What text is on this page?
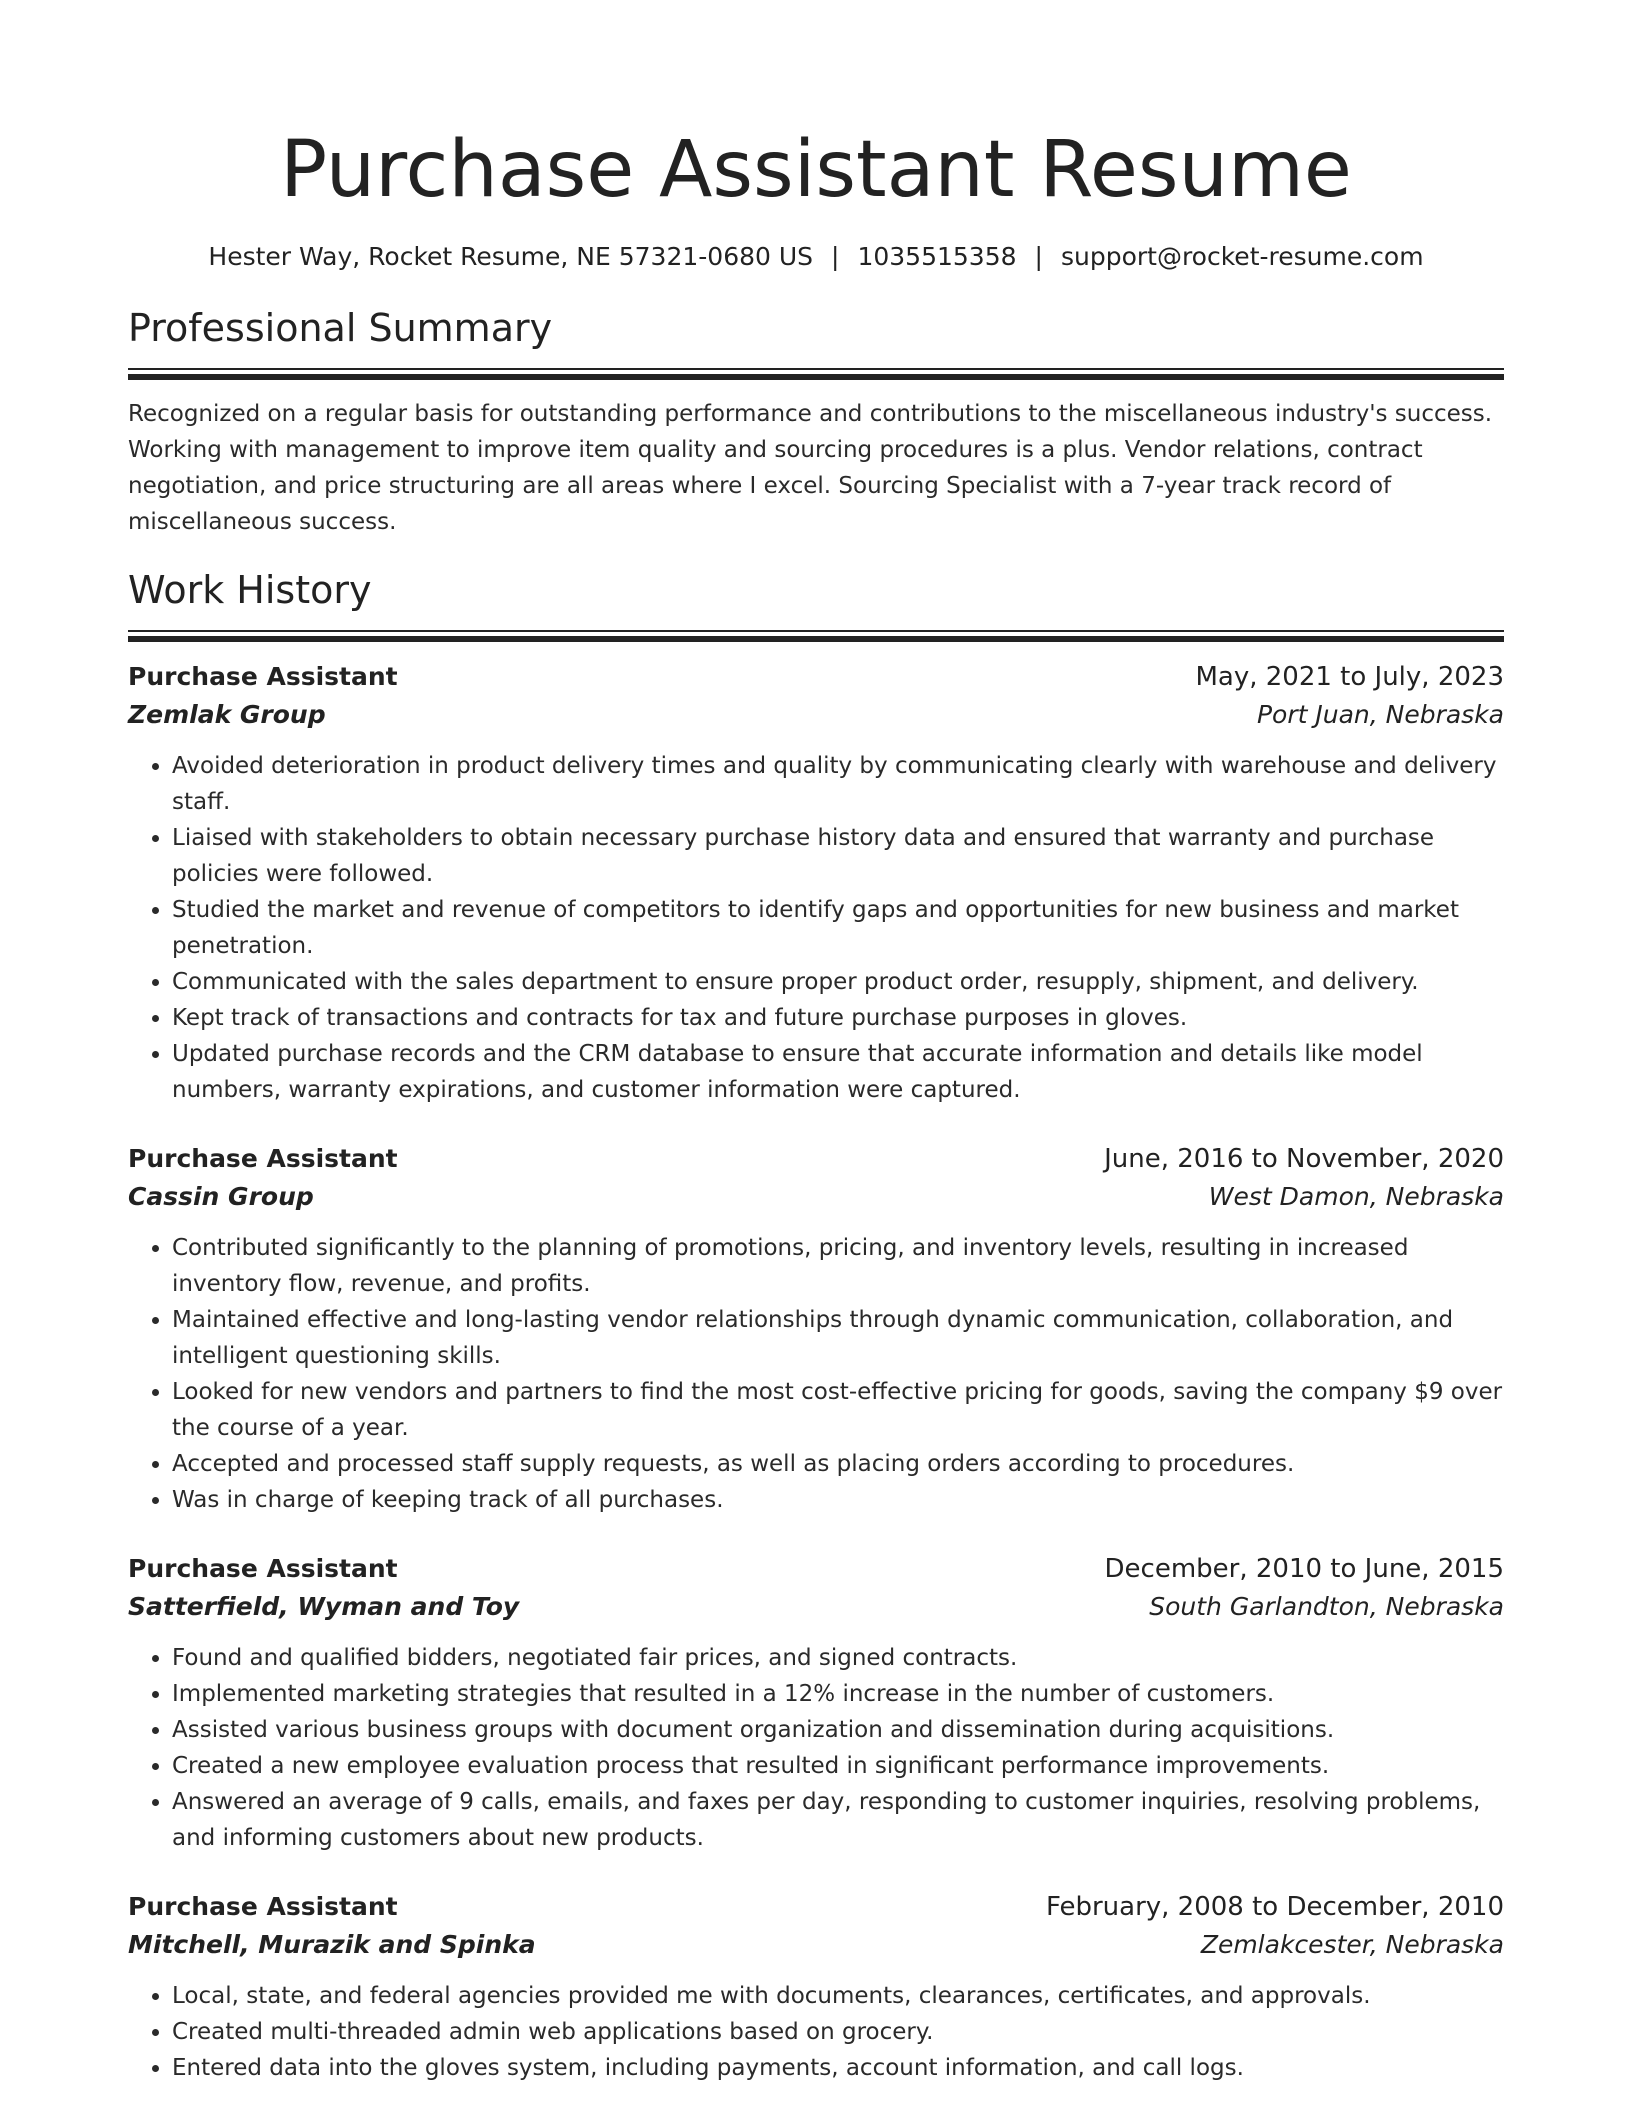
Purchase Assistant Resume
Hester Way, Rocket Resume, NE 57321-0680 US | 1035515358 | support@rocket-resume.com
Professional Summary

Recognized on a regular basis for outstanding performance and contributions to the miscellaneous industry's success. Working with management to improve item quality and sourcing procedures is a plus. Vendor relations, contract negotiation, and price structuring are all areas where I excel. Sourcing Specialist with a 7-year track record of miscellaneous success.

Work History
Purchase Assistant	May, 2021 to July, 2023
Zemlak Group	Port Juan, Nebraska
• Avoided deterioration in product delivery times and quality by communicating clearly with warehouse and delivery staff.
• Liaised with stakeholders to obtain necessary purchase history data and ensured that warranty and purchase policies were followed.
• Studied the market and revenue of competitors to identify gaps and opportunities for new business and market penetration.
• Communicated with the sales department to ensure proper product order, resupply, shipment, and delivery.
• Kept track of transactions and contracts for tax and future purchase purposes in gloves.
• Updated purchase records and the CRM database to ensure that accurate information and details like model numbers, warranty expirations, and customer information were captured.
Purchase Assistant	June, 2016 to November, 2020
Cassin Group	West Damon, Nebraska
• Contributed significantly to the planning of promotions, pricing, and inventory levels, resulting in increased inventory flow, revenue, and profits.
• Maintained effective and long-lasting vendor relationships through dynamic communication, collaboration, and intelligent questioning skills.
• Looked for new vendors and partners to find the most cost-effective pricing for goods, saving the company $9 over the course of a year.
• Accepted and processed staff supply requests, as well as placing orders according to procedures.
• Was in charge of keeping track of all purchases.
Purchase Assistant	December, 2010 to June, 2015
Satterfield, Wyman and Toy	South Garlandton, Nebraska
• Found and qualified bidders, negotiated fair prices, and signed contracts.
• Implemented marketing strategies that resulted in a 12% increase in the number of customers.
• Assisted various business groups with document organization and dissemination during acquisitions.
• Created a new employee evaluation process that resulted in significant performance improvements.
• Answered an average of 9 calls, emails, and faxes per day, responding to customer inquiries, resolving problems, and informing customers about new products.
Purchase Assistant	February, 2008 to December, 2010
Mitchell, Murazik and Spinka	Zemlakcester, Nebraska
• Local, state, and federal agencies provided me with documents, clearances, certificates, and approvals.
• Created multi-threaded admin web applications based on grocery.
• Entered data into the gloves system, including payments, account information, and call logs.
